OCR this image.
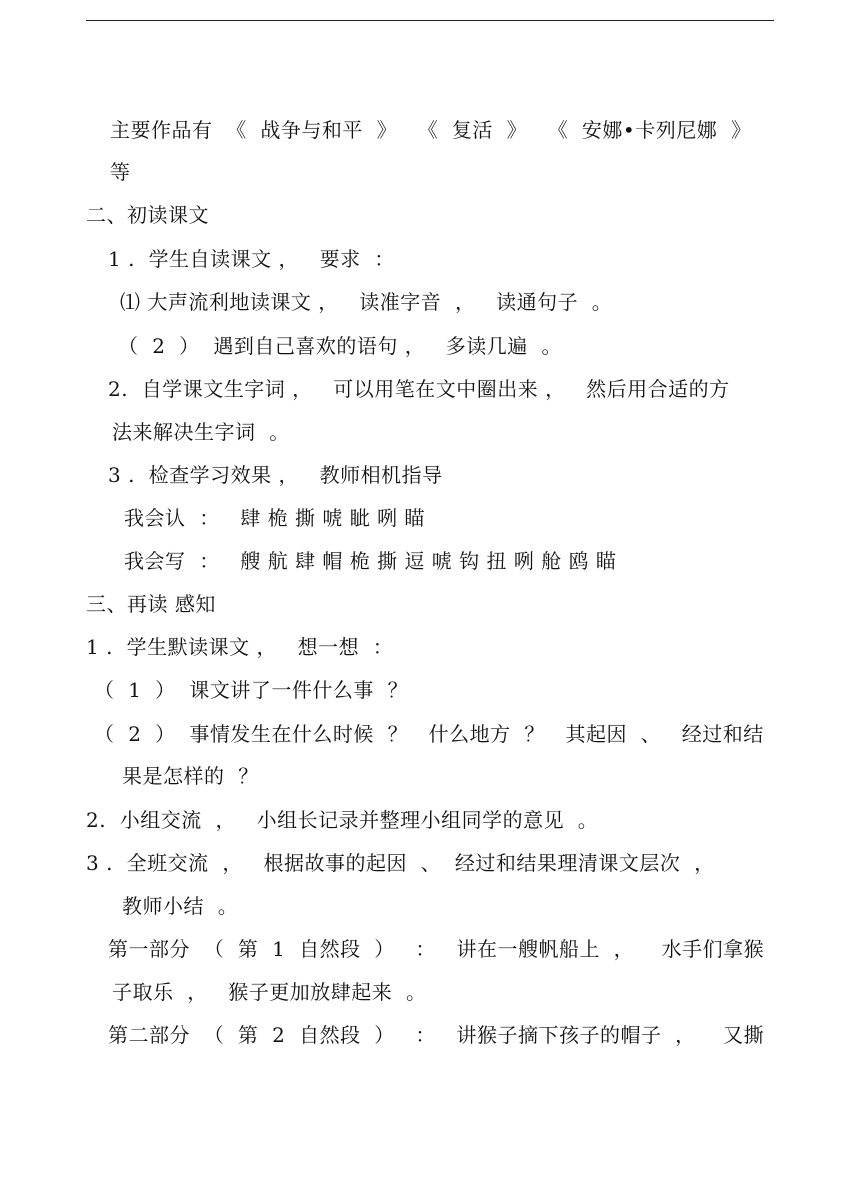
主要作品有  《  战争与和平  》   《  复活  》   《  安娜•卡列尼娜  》
等
二、初读课文
1 .  学生自读课文 ，   要求  ：
⑴ 大声流利地读课文 ，   读准字音  ，   读通句子  。
（  2  ）  遇到自己喜欢的语句 ，   多读几遍  。
2.  自学课文生字词 ，   可以用笔在文中圈出来 ，   然后用合适的方
法来解决生字词  。
3 .  检查学习效果 ，   教师相机指导
我会认  ：   肆 桅 撕 唬 眦 咧 瞄
我会写  ：   艘 航 肆 帽 桅 撕 逗 唬 钩 扭 咧 舱 鸥 瞄
三、再读 感知
1 .  学生默读课文 ，   想一想  ：
（  1  ）  课文讲了一件什么事  ？
（  2  ）  事情发生在什么时候  ？   什么地方  ？   其起因  、   经过和结
果是怎样的  ？
2.  小组交流  ，   小组长记录并整理小组同学的意见  。
3 .  全班交流  ，   根据故事的起因  、  经过和结果理清课文层次  ，
教师小结  。
第一部分  （  第  1  自然段  ）   ：   讲在一艘帆船上  ，    水手们拿猴
子取乐  ，   猴子更加放肆起来  。
第二部分  （  第  2  自然段  ）   ：   讲猴子摘下孩子的帽子  ，    又撕
